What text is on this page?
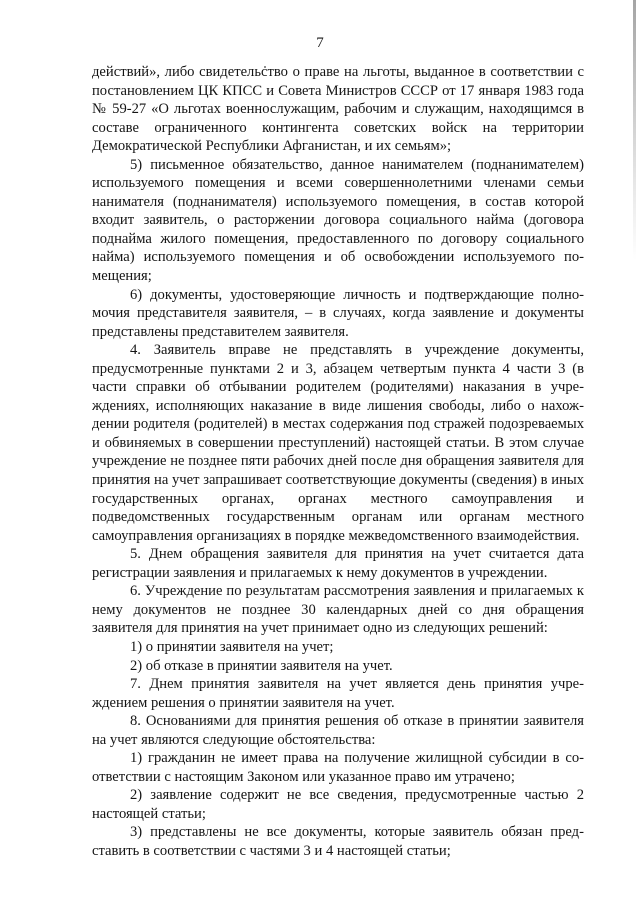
7

действий», либо свидетельство о праве на льготы, выданное в соответствии с постановлением ЦК КПСС и Совета Министров СССР от 17 января 1983 года № 59-27 «О льготах военнослужащим, рабочим и служащим, находящимся в составе ограниченного контингента советских войск на территории Демократической Республики Афганистан, и их семьям»;

5) письменное обязательство, данное нанимателем (поднанимателем) используемого помещения и всеми совершеннолетними членами семьи нанимателя (поднанимателя) используемого помещения, в состав которой входит заявитель, о расторжении договора социального найма (договора поднайма жилого помещения, предоставленного по договору социального найма) используемого помещения и об освобождении используемого помещения;

6) документы, удостоверяющие личность и подтверждающие полномочия представителя заявителя, – в случаях, когда заявление и документы представлены представителем заявителя.

4. Заявитель вправе не представлять в учреждение документы, предусмотренные пунктами 2 и 3, абзацем четвертым пункта 4 части 3 (в части справки об отбывании родителем (родителями) наказания в учреждениях, исполняющих наказание в виде лишения свободы, либо о нахождении родителя (родителей) в местах содержания под стражей подозреваемых и обвиняемых в совершении преступлений) настоящей статьи. В этом случае учреждение не позднее пяти рабочих дней после дня обращения заявителя для принятия на учет запрашивает соответствующие документы (сведения) в иных государственных органах, органах местного самоуправления и подведомственных государственным органам или органам местного самоуправления организациях в порядке межведомственного взаимодействия.

5. Днем обращения заявителя для принятия на учет считается дата регистрации заявления и прилагаемых к нему документов в учреждении.

6. Учреждение по результатам рассмотрения заявления и прилагаемых к нему документов не позднее 30 календарных дней со дня обращения заявителя для принятия на учет принимает одно из следующих решений:

1) о принятии заявителя на учет;

2) об отказе в принятии заявителя на учет.

7. Днем принятия заявителя на учет является день принятия учреждением решения о принятии заявителя на учет.

8. Основаниями для принятия решения об отказе в принятии заявителя на учет являются следующие обстоятельства:

1) гражданин не имеет права на получение жилищной субсидии в соответствии с настоящим Законом или указанное право им утрачено;

2) заявление содержит не все сведения, предусмотренные частью 2 настоящей статьи;

3) представлены не все документы, которые заявитель обязан представить в соответствии с частями 3 и 4 настоящей статьи;
